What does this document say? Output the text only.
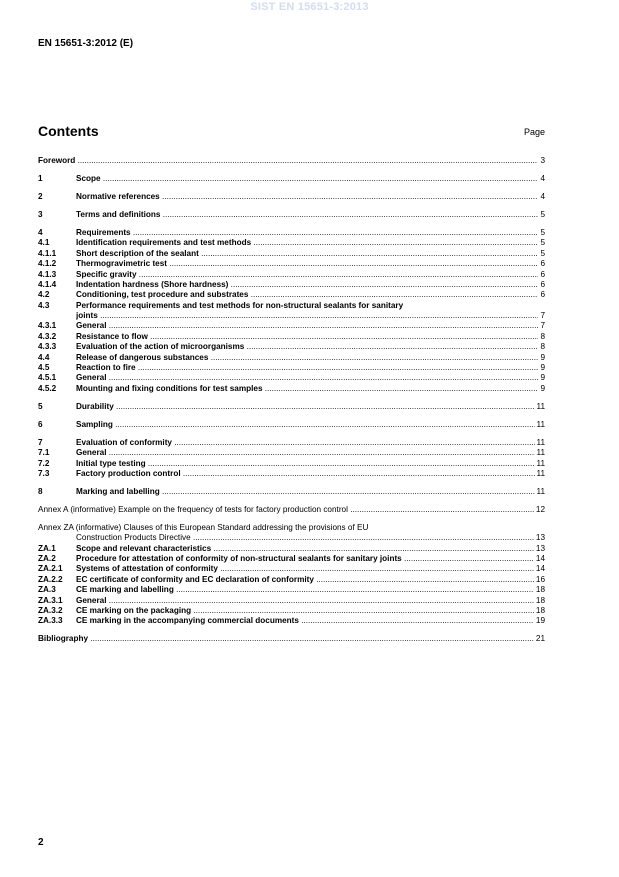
SIST EN 15651-3:2013
EN 15651-3:2012 (E)
Contents	Page
Foreword .....	3
1	Scope .....	4
2	Normative references .....	4
3	Terms and definitions .....	5
4	Requirements .....	5
4.1	Identification requirements and test methods .....	5
4.1.1 Short description of the sealant .....	5
4.1.2 Thermogravimetric test .....	6
4.1.3 Specific gravity .....	6
4.1.4 Indentation hardness (Shore hardness) .....	6
4.2	Conditioning, test procedure and substrates .....	6
4.3	Performance requirements and test methods for non-structural sealants for sanitary
joints .....	7
4.3.1 General .....	7
4.3.2 Resistance to flow .....	8
4.3.3 Evaluation of the action of microorganisms .....	8
4.4	Release of dangerous substances .....	9
4.5	Reaction to fire .....	9
4.5.1 General .....	9
4.5.2 Mounting and fixing conditions for test samples .....	9
5	Durability .....	11
6	Sampling .....	11
7	Evaluation of conformity .....	11
7.1	General .....	11
7.2	Initial type testing .....	11
7.3	Factory production control .....	11
8	Marking and labelling .....	11
Annex A (informative) Example on the frequency of tests for factory production control .....	12
Annex ZA (informative) Clauses of this European Standard addressing the provisions of EU
Construction Products Directive .....	13
ZA.1 Scope and relevant characteristics .....	13
ZA.2 Procedure for attestation of conformity of non-structural sealants for sanitary joints .....	14
ZA.2.1 Systems of attestation of conformity .....	14
ZA.2.2 EC certificate of conformity and EC declaration of conformity .....	16
ZA.3 CE marking and labelling .....	18
ZA.3.1 General .....	18
ZA.3.2 CE marking on the packaging .....	18
ZA.3.3 CE marking in the accompanying commercial documents .....	19
Bibliography .....	21
2
